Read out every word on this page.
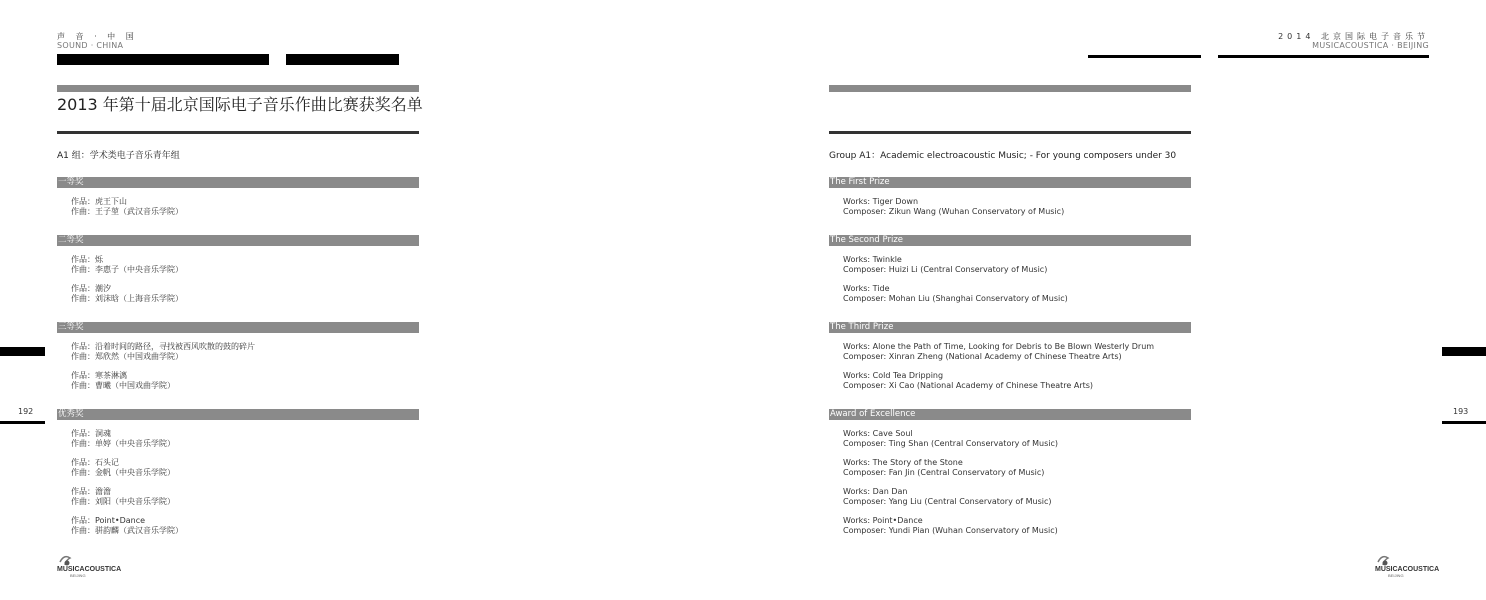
声 音 · 中 国
SOUND · CHINA
2014 北京国际电子音乐节
MUSICACOUSTICA · BEIJING
2013 年第十届北京国际电子音乐作曲比赛获奖名单
A1 组：学术类电子音乐青年组	Group A1：Academic electroacoustic Music; - For young composers under 30
一等奖
作品：虎王下山
作曲：王子堃（武汉音乐学院）
二等奖
作品：烁
作曲：李惠子（中央音乐学院）
作品：潮汐
作曲：刘沫晗（上海音乐学院）
三等奖
作品：沿着时间的路径，寻找被西风吹散的鼓的碎片
作曲：郑欣然（中国戏曲学院）
作品：寒茶淋漓
作曲：曹曦（中国戏曲学院）
优秀奖
作品：洞魂
作曲：单婷（中央音乐学院）
作品：石头记
作曲：金帆（中央音乐学院）
作品：澹澹
作曲：刘阳（中央音乐学院）
作品：Point•Dance
作曲：骈韵麟（武汉音乐学院）
The First Prize
Works: Tiger Down
Composer: Zikun Wang (Wuhan Conservatory of Music)
The Second Prize
Works: Twinkle
Composer: Huizi Li (Central Conservatory of Music)
Works: Tide
Composer: Mohan Liu (Shanghai Conservatory of Music)
The Third Prize
Works: Alone the Path of Time, Looking for Debris to Be Blown Westerly Drum
Composer: Xinran Zheng (National Academy of Chinese Theatre Arts)
Works: Cold Tea Dripping
Composer: Xi Cao (National Academy of Chinese Theatre Arts)
Award of Excellence
Works: Cave Soul
Composer: Ting Shan (Central Conservatory of Music)
Works: The Story of the Stone
Composer: Fan Jin (Central Conservatory of Music)
Works: Dan Dan
Composer: Yang Liu (Central Conservatory of Music)
Works: Point•Dance
Composer: Yundi Pian (Wuhan Conservatory of Music)
192	193
MUSICACOUSTICA
BEIJING
MUSICACOUSTICA
BEIJING
